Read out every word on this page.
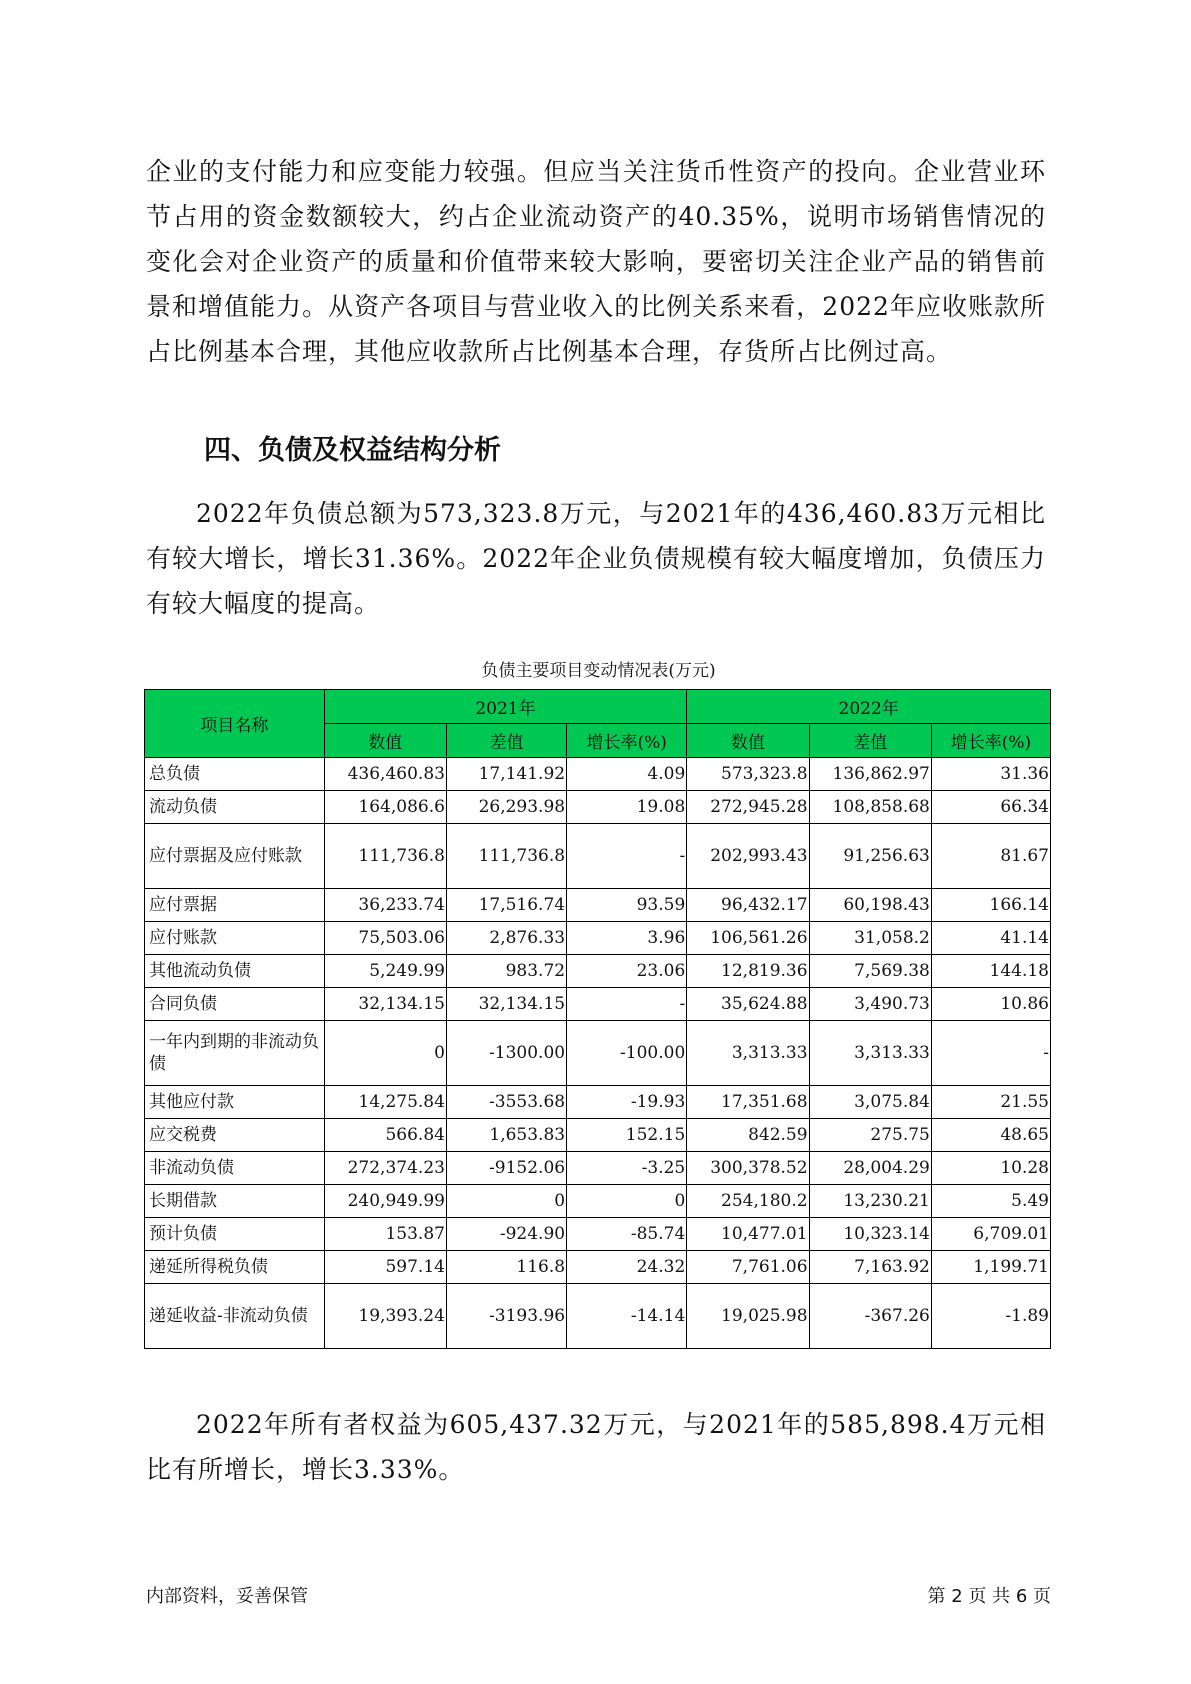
企业的支付能力和应变能力较强。但应当关注货币性资产的投向。企业营业环节占用的资金数额较大，约占企业流动资产的40.35%，说明市场销售情况的变化会对企业资产的质量和价值带来较大影响，要密切关注企业产品的销售前景和增值能力。从资产各项目与营业收入的比例关系来看，2022年应收账款所占比例基本合理，其他应收款所占比例基本合理，存货所占比例过高。

四、负债及权益结构分析

2022年负债总额为573,323.8万元，与2021年的436,460.83万元相比有较大增长，增长31.36%。2022年企业负债规模有较大幅度增加，负债压力有较大幅度的提高。

负债主要项目变动情况表(万元)
项目名称	2021年			2022年		
	数值	差值	增长率(%)	数值	差值	增长率(%)
总负债	436,460.83	17,141.92	4.09	573,323.8	136,862.97	31.36
流动负债	164,086.6	26,293.98	19.08	272,945.28	108,858.68	66.34
应付票据及应付账款	111,736.8	111,736.8	-	202,993.43	91,256.63	81.67
应付票据	36,233.74	17,516.74	93.59	96,432.17	60,198.43	166.14
应付账款	75,503.06	2,876.33	3.96	106,561.26	31,058.2	41.14
其他流动负债	5,249.99	983.72	23.06	12,819.36	7,569.38	144.18
合同负债	32,134.15	32,134.15	-	35,624.88	3,490.73	10.86
一年内到期的非流动负债	0	-1300.00	-100.00	3,313.33	3,313.33	-
其他应付款	14,275.84	-3553.68	-19.93	17,351.68	3,075.84	21.55
应交税费	566.84	1,653.83	152.15	842.59	275.75	48.65
非流动负债	272,374.23	-9152.06	-3.25	300,378.52	28,004.29	10.28
长期借款	240,949.99	0	0	254,180.2	13,230.21	5.49
预计负债	153.87	-924.90	-85.74	10,477.01	10,323.14	6,709.01
递延所得税负债	597.14	116.8	24.32	7,761.06	7,163.92	1,199.71
递延收益-非流动负债	19,393.24	-3193.96	-14.14	19,025.98	-367.26	-1.89

2022年所有者权益为605,437.32万元，与2021年的585,898.4万元相比有所增长，增长3.33%。

内部资料，妥善保管	第 2 页 共 6 页
